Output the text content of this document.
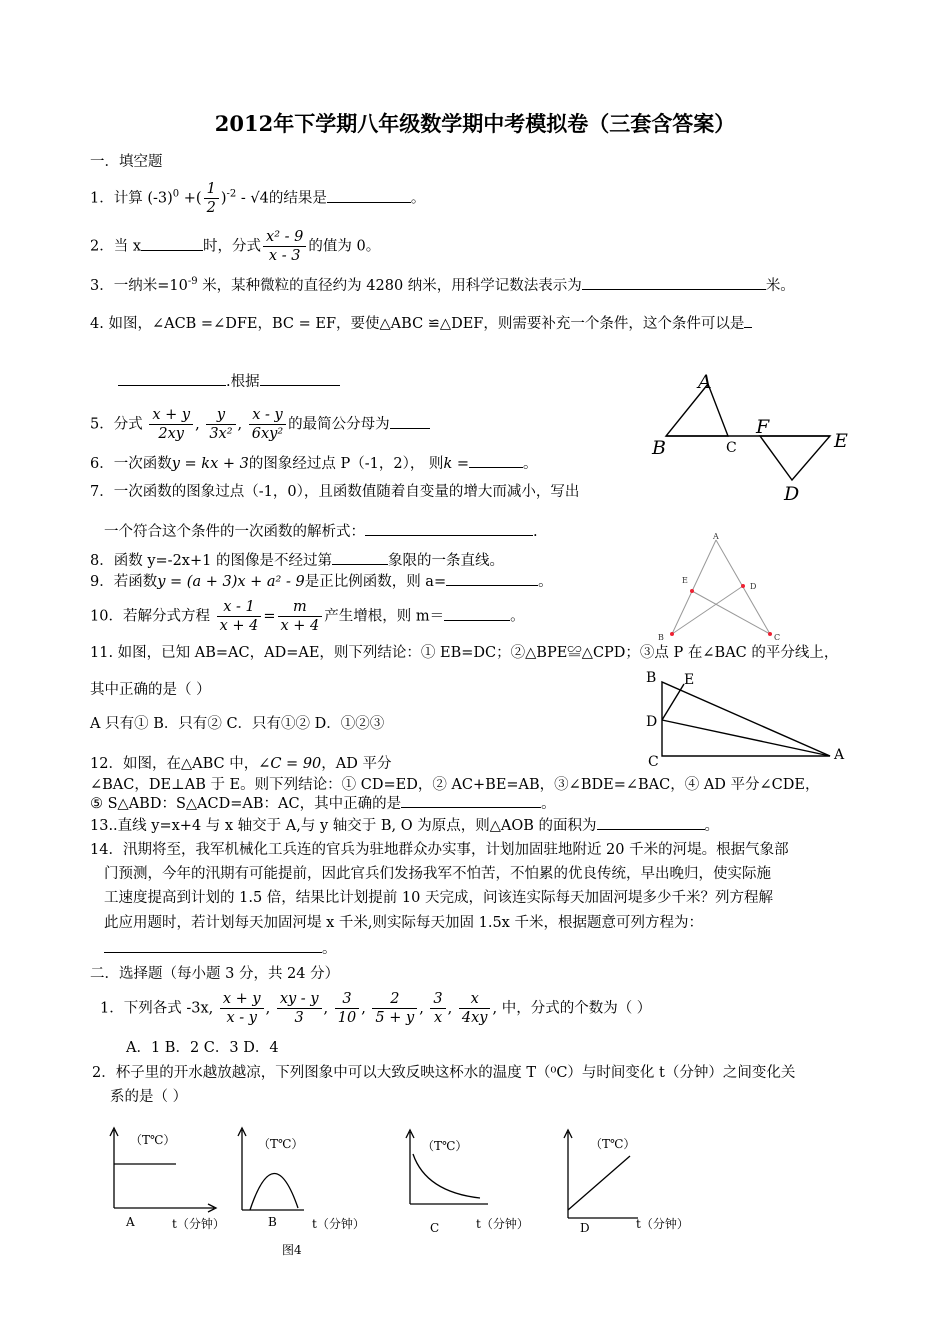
2012年下学期八年级数学期中考模拟卷（三套含答案）
一．填空题
1．计算 $(-3)^0$ +( $\frac{1}{2} )^{-2} - √4$的结果是	。
2．当 x	时，分式 $\frac{\text{x² - 9}}{x - 3}$ 的值为 0。
3．一纳米$=10^{-9}$ 米，某种微粒的直径约为 4280 纳米，用科学记数法表示为	米。
4. 如图，∠ACB =∠DFE，BC = EF，要使△ABC ≌△DEF，则需要补充一个条件，这个条件可以是
.根据
5．分式 $\frac{x + y}{2xy}$ , $\frac{y}{\text{3x²}}$ , $\frac{x - y}{\text{6xy²}}$ 的最简公分母为
6．一次函数y = kx + 3的图象经过点 P（-1，2）， 则k =	。
7．一次函数的图象过点（-1，0），且函数值随着自变量的增大而减小，写出
一个符合这个条件的一次函数的解析式：	.
8．函数 y=-2x+1 的图像是不经过第	象限的一条直线。
9．若函数y = (a + 3)x + a² - 9是正比例函数，则 a=	。
10．若解分式方程 $\frac{x - 1}{x + 4} = \frac{m}{x + 4}$ 产生增根，则 m＝	。
11. 如图，已知 AB=AC，AD=AE，则下列结论：① EB=DC；②△BPE≌△CPD；③点 P 在∠BAC 的平分线上，
其中正确的是（ ）
A 只有① B．只有② C．只有①② D．①②③
12．如图，在△ABC 中，∠C = 90，AD 平分
∠BAC，DE⊥AB 于 E。则下列结论：① CD=ED，② AC+BE=AB，③∠BDE=∠BAC，④ AD 平分∠CDE，
⑤ S△ABD：S△ACD=AB：AC，其中正确的是	。
13..直线 y=x+4 与 x 轴交于 A,与 y 轴交于 B, O 为原点，则△AOB 的面积为	。
14．汛期将至，我军机械化工兵连的官兵为驻地群众办实事，计划加固驻地附近 20 千米的河堤。根据气象部
门预测，今年的汛期有可能提前，因此官兵们发扬我军不怕苦，不怕累的优良传统，早出晚归，使实际施
工速度提高到计划的 1.5 倍，结果比计划提前 10 天完成，问该连实际每天加固河堤多少千米？列方程解
此应用题时，若计划每天加固河堤 x 千米,则实际每天加固 1.5x 千米，根据题意可列方程为：
。
二．选择题（每小题 3 分，共 24 分）
1．下列各式 -3x, $\frac{x + y}{x - y}$ , $\frac{xy - y}{3}$ , $\frac{3}{10}$ , $\frac{2}{5 + y}$ , $\frac{3}{x}$ , $\frac{x}{4xy}$ , 中，分式的个数为（ ）
A．1 B．2 C．3 D．4
2．杯子里的开水越放越凉，下列图象中可以大致反映这杯水的温度 T（⁰C）与时间变化 t（分钟）之间变化关
系的是（ ）
A
B	C
F
E
D
A
B	C
D
E
B E
D
C	A
（T℃）	（T℃）	（T℃）	（T℃）
t（分钟）	t（分钟）	t（分钟）	t（分钟）
A	B	C	D
图4
